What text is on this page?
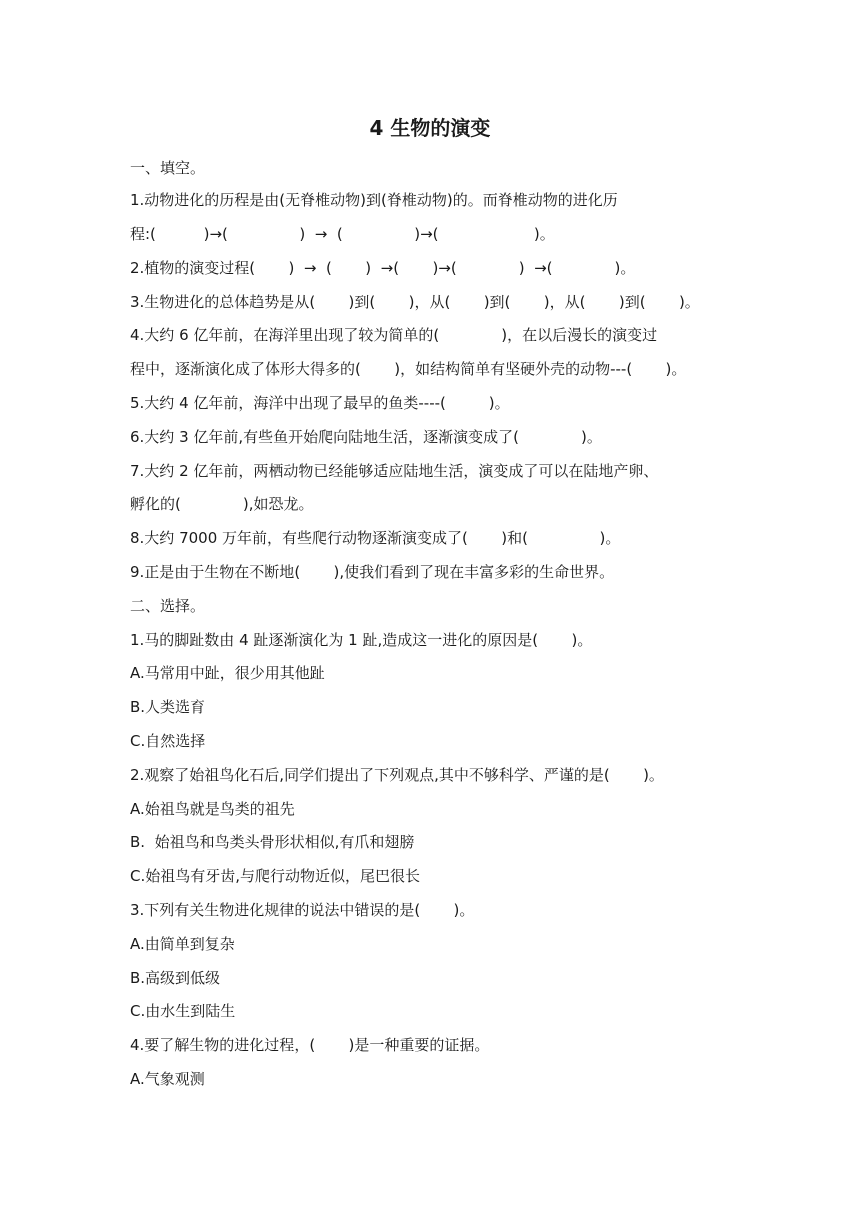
4 生物的演变
一、填空。
1.动物进化的历程是由(无脊椎动物)到(脊椎动物)的。而脊椎动物的进化历
程:(          )→(               )  →  (               )→(                    )。
2.植物的演变过程(       )  →  (       )  →(       )→(             )  →(             )。
3.生物进化的总体趋势是从(       )到(       )，从(       )到(       )，从(       )到(       )。
4.大约 6 亿年前，在海洋里出现了较为简单的(             )，在以后漫长的演变过
程中，逐渐演化成了体形大得多的(       )，如结构简单有坚硬外壳的动物---(       )。
5.大约 4 亿年前，海洋中出现了最早的鱼类----(         )。
6.大约 3 亿年前,有些鱼开始爬向陆地生活，逐渐演变成了(             )。
7.大约 2 亿年前，两栖动物已经能够适应陆地生活，演变成了可以在陆地产卵、
孵化的(             ),如恐龙。
8.大约 7000 万年前，有些爬行动物逐渐演变成了(       )和(               )。
9.正是由于生物在不断地(       ),使我们看到了现在丰富多彩的生命世界。
二、选择。
1.马的脚趾数由 4 趾逐渐演化为 1 趾,造成这一进化的原因是(       )。
A.马常用中趾，很少用其他趾
B.人类选育
C.自然选择
2.观察了始祖鸟化石后,同学们提出了下列观点,其中不够科学、严谨的是(       )。
A.始祖鸟就是鸟类的祖先
B.  始祖鸟和鸟类头骨形状相似,有爪和翅膀
C.始祖鸟有牙齿,与爬行动物近似，尾巴很长
3.下列有关生物进化规律的说法中错误的是(       )。
A.由简单到复杂
B.高级到低级
C.由水生到陆生
4.要了解生物的进化过程，(       )是一种重要的证据。
A.气象观测
